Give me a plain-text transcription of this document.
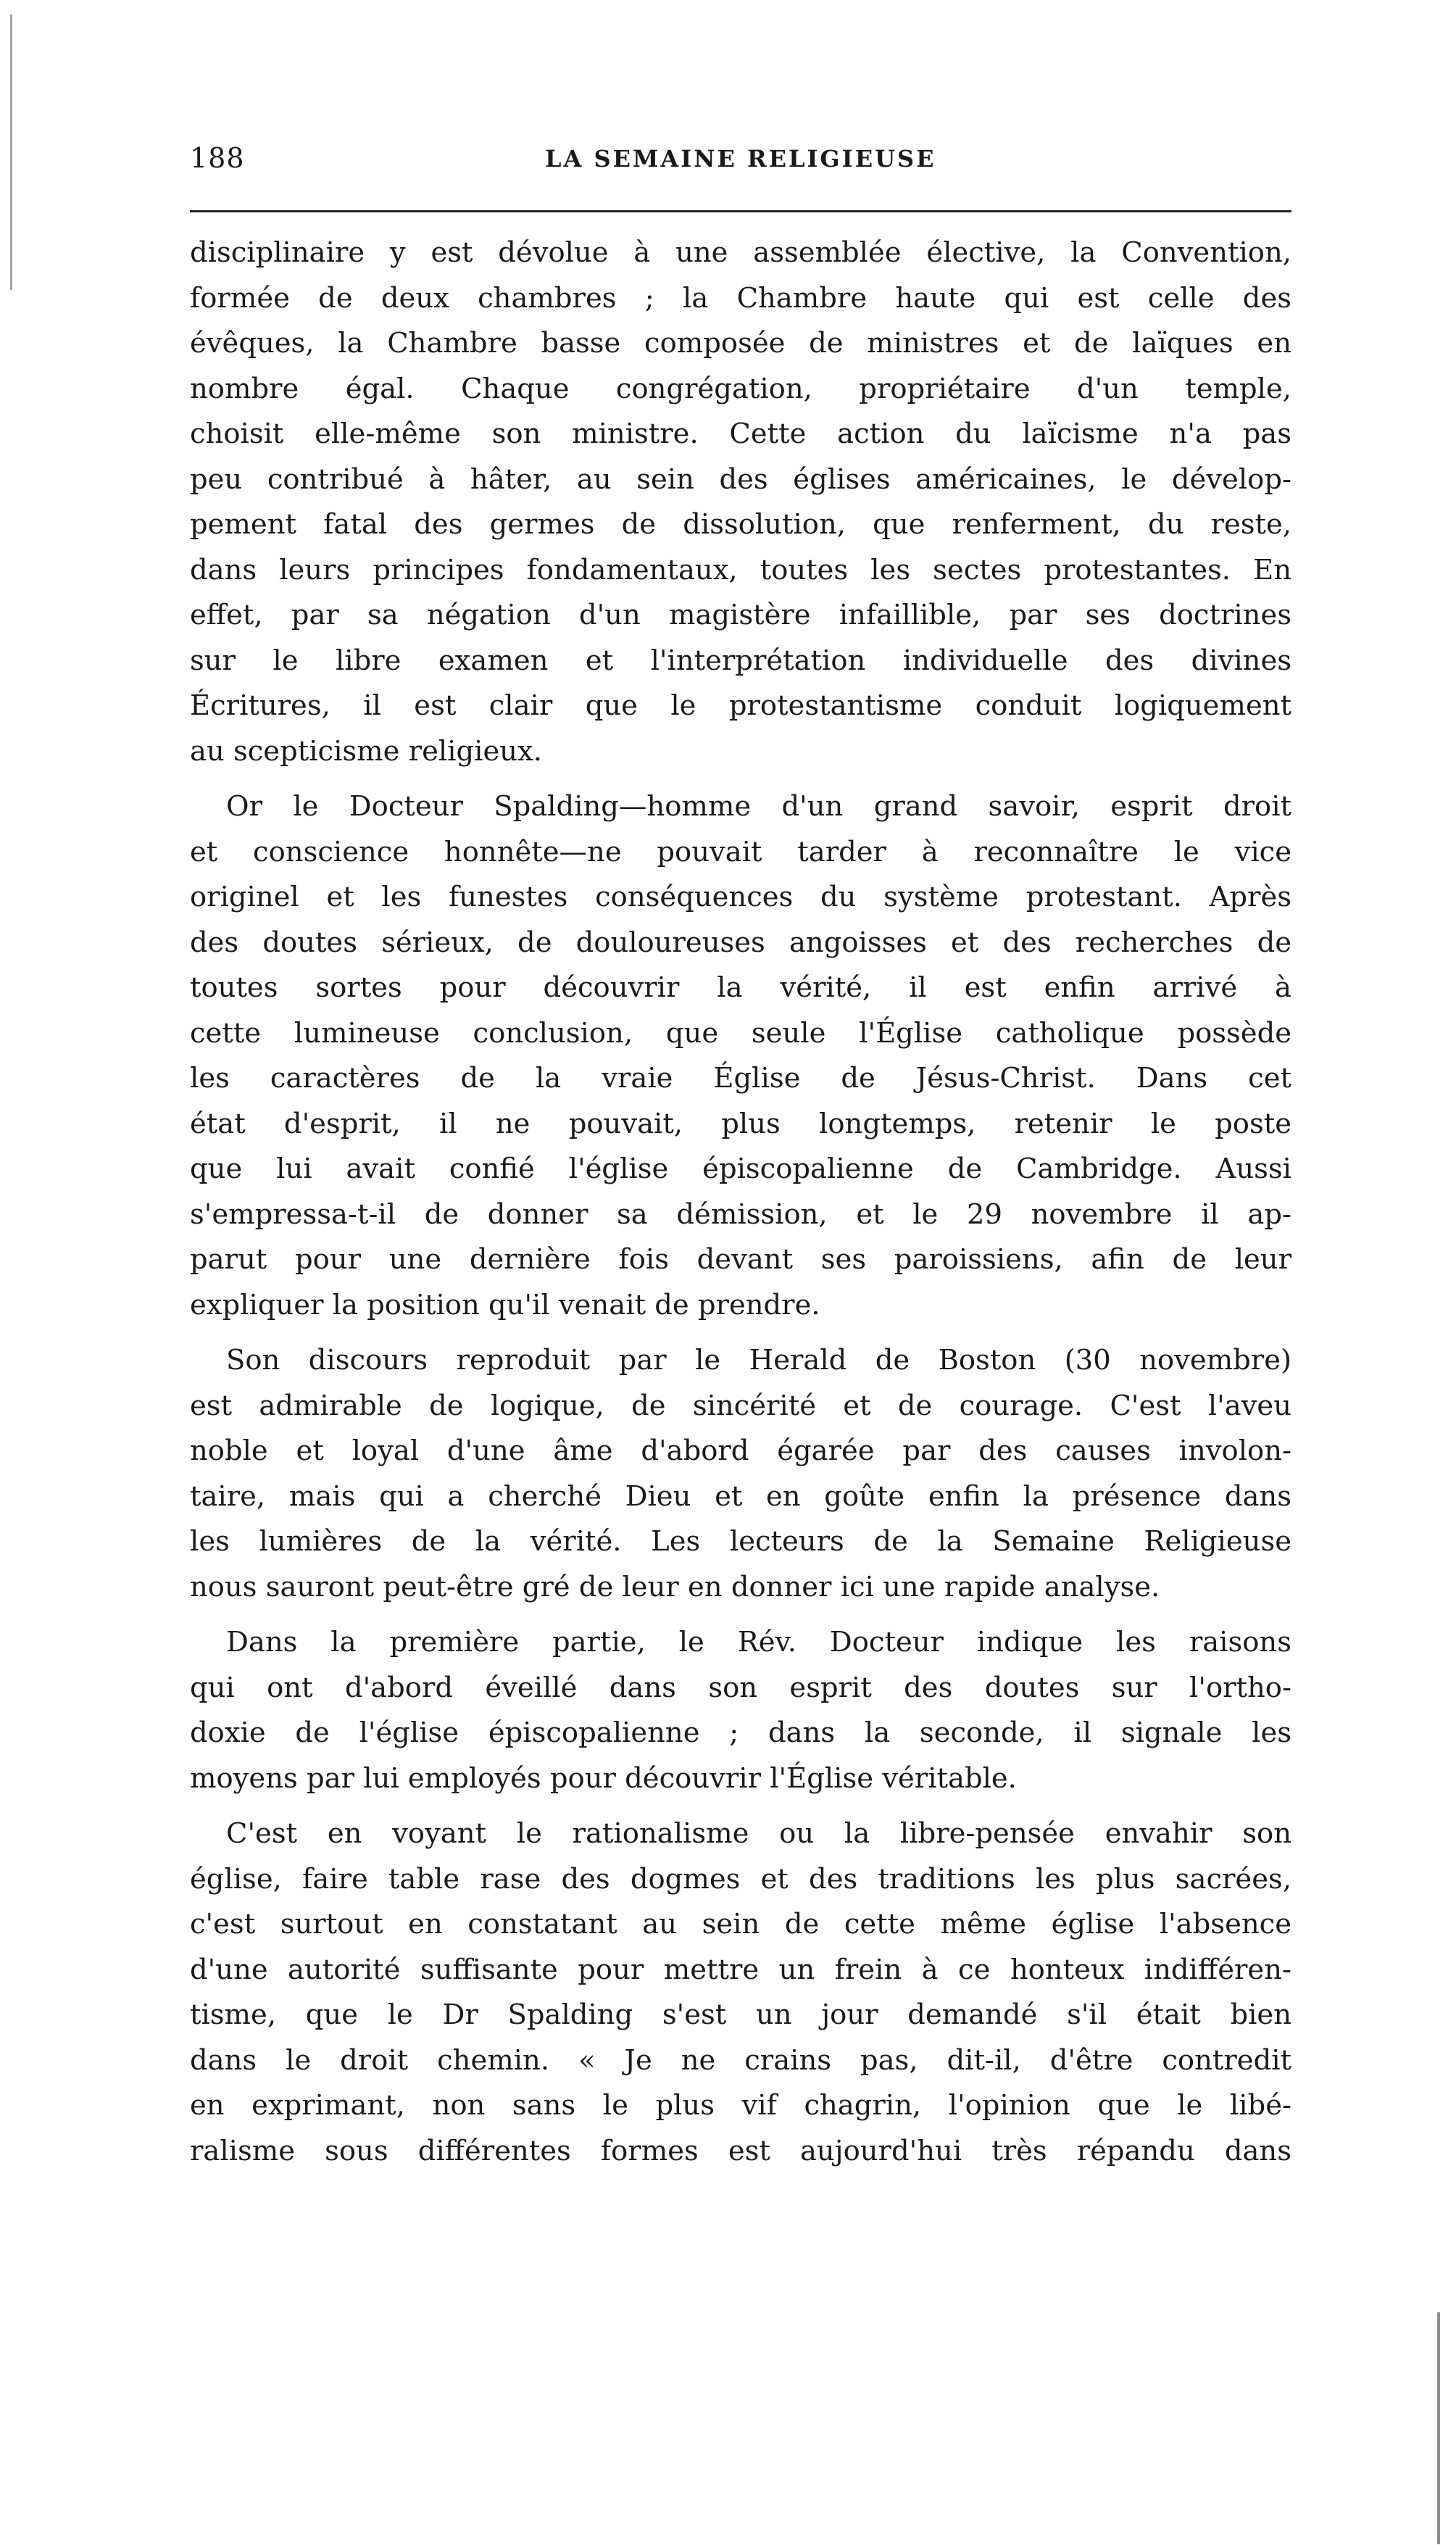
188	LA SEMAINE RELIGIEUSE

disciplinaire y est dévolue à une assemblée élective, la Convention,
formée de deux chambres ; la Chambre haute qui est celle des
évêques, la Chambre basse composée de ministres et de laïques en
nombre égal. Chaque congrégation, propriétaire d'un temple,
choisit elle-même son ministre. Cette action du laïcisme n'a pas
peu contribué à hâter, au sein des églises américaines, le dévelop-
pement fatal des germes de dissolution, que renferment, du reste,
dans leurs principes fondamentaux, toutes les sectes protestantes. En
effet, par sa négation d'un magistère infaillible, par ses doctrines
sur le libre examen et l'interprétation individuelle des divines
Écritures, il est clair que le protestantisme conduit logiquement
au scepticisme religieux.

Or le Docteur Spalding—homme d'un grand savoir, esprit droit
et conscience honnête—ne pouvait tarder à reconnaître le vice
originel et les funestes conséquences du système protestant. Après
des doutes sérieux, de douloureuses angoisses et des recherches de
toutes sortes pour découvrir la vérité, il est enfin arrivé à
cette lumineuse conclusion, que seule l'Église catholique possède
les caractères de la vraie Église de Jésus-Christ. Dans cet
état d'esprit, il ne pouvait, plus longtemps, retenir le poste
que lui avait confié l'église épiscopalienne de Cambridge. Aussi
s'empressa-t-il de donner sa démission, et le 29 novembre il ap-
parut pour une dernière fois devant ses paroissiens, afin de leur
expliquer la position qu'il venait de prendre.

Son discours reproduit par le Herald de Boston (30 novembre)
est admirable de logique, de sincérité et de courage. C'est l'aveu
noble et loyal d'une âme d'abord égarée par des causes involon-
taire, mais qui a cherché Dieu et en goûte enfin la présence dans
les lumières de la vérité. Les lecteurs de la Semaine Religieuse
nous sauront peut-être gré de leur en donner ici une rapide analyse.

Dans la première partie, le Rév. Docteur indique les raisons
qui ont d'abord éveillé dans son esprit des doutes sur l'ortho-
doxie de l'église épiscopalienne ; dans la seconde, il signale les
moyens par lui employés pour découvrir l'Église véritable.

C'est en voyant le rationalisme ou la libre-pensée envahir son
église, faire table rase des dogmes et des traditions les plus sacrées,
c'est surtout en constatant au sein de cette même église l'absence
d'une autorité suffisante pour mettre un frein à ce honteux indifféren-
tisme, que le Dr Spalding s'est un jour demandé s'il était bien
dans le droit chemin. « Je ne crains pas, dit-il, d'être contredit
en exprimant, non sans le plus vif chagrin, l'opinion que le libé-
ralisme sous différentes formes est aujourd'hui très répandu dans
